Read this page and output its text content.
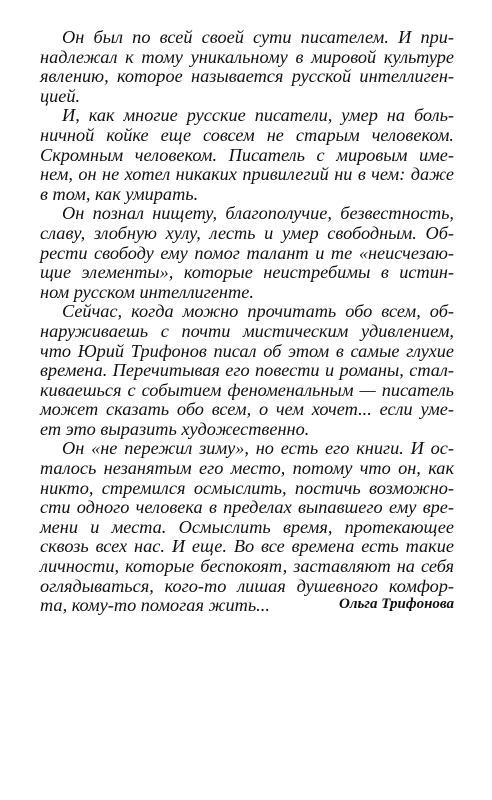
Он был по всей своей сути писателем. И при-
надлежал к тому уникальному в мировой культуре
явлению, которое называется русской интеллиген-
цией.
И, как многие русские писатели, умер на боль-
ничной койке еще совсем не старым человеком.
Скромным человеком. Писатель с мировым име-
нем, он не хотел никаких привилегий ни в чем: даже
в том, как умирать.
Он познал нищету, благополучие, безвестность,
славу, злобную хулу, лесть и умер свободным. Об-
рести свободу ему помог талант и те «неисчезаю-
щие элементы», которые неистребимы в истин-
ном русском интеллигенте.
Сейчас, когда можно прочитать обо всем, об-
наруживаешь с почти мистическим удивлением,
что Юрий Трифонов писал об этом в самые глухие
времена. Перечитывая его повести и романы, стал-
киваешься с событием феноменальным — писатель
может сказать обо всем, о чем хочет... если уме-
ет это выразить художественно.
Он «не пережил зиму», но есть его книги. И ос-
талось незанятым его место, потому что он, как
никто, стремился осмыслить, постичь возможно-
сти одного человека в пределах выпавшего ему вре-
мени и места. Осмыслить время, протекающее
сквозь всех нас. И еще. Во все времена есть такие
личности, которые беспокоят, заставляют на себя
оглядываться, кого-то лишая душевного комфор-
та, кому-то помогая жить...	Ольга Трифонова
